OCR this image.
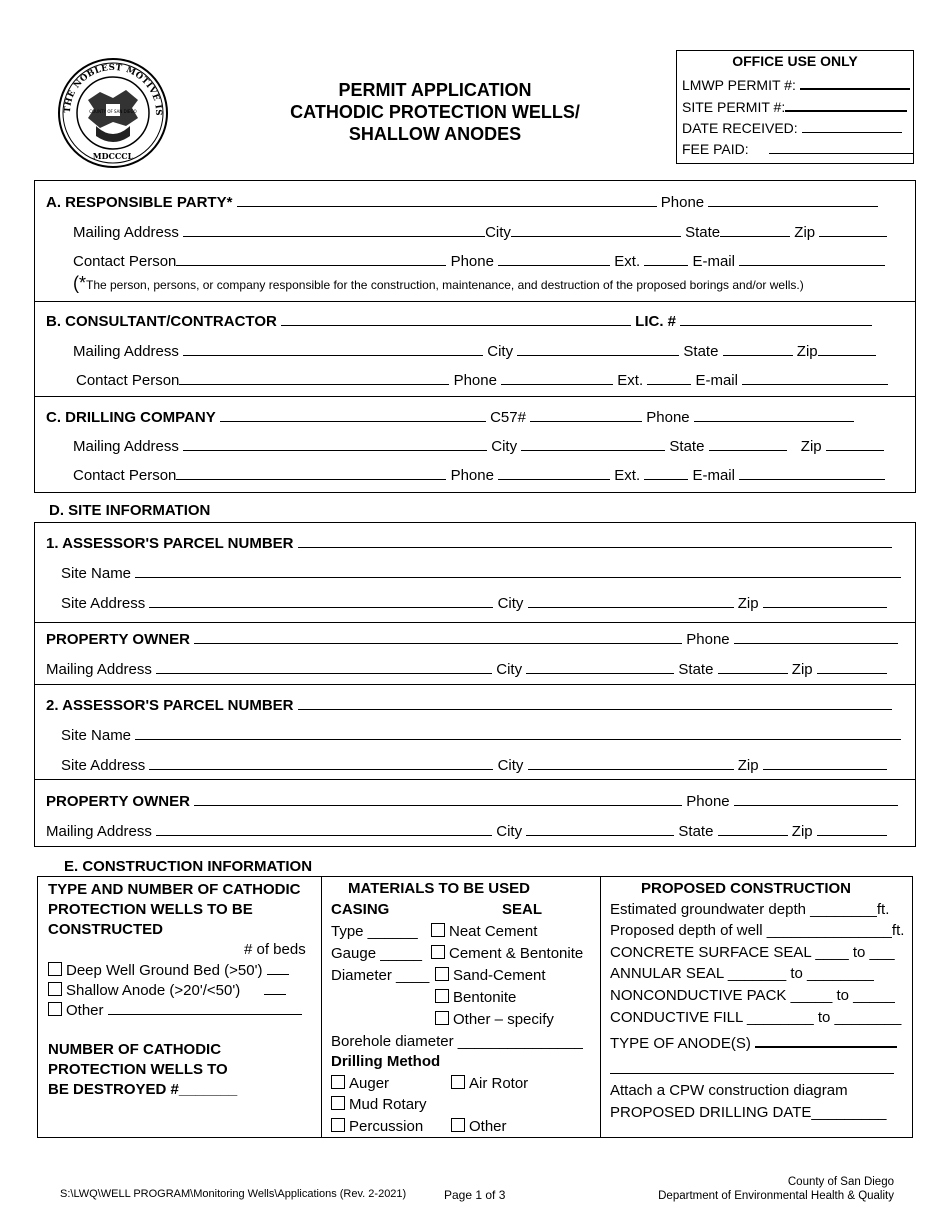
THE NOBLEST MOTIVE IS
MDCCCL
COUNTY OF SAN DIEGO
PERMIT APPLICATION
CATHODIC PROTECTION WELLS/
SHALLOW ANODES
OFFICE USE ONLY
LMWP PERMIT #:
SITE PERMIT #:
DATE RECEIVED:
FEE PAID:
A. RESPONSIBLE PARTY*	Phone
Mailing Address	City	State	Zip
Contact Person	Phone	Ext.	E-mail
(*The person, persons, or company responsible for the construction, maintenance, and destruction of the proposed borings and/or wells.)
B. CONSULTANT/CONTRACTOR	LIC. #
Mailing Address	City	State	Zip
Contact Person	Phone	Ext.	E-mail
C. DRILLING COMPANY	C57#	Phone
Mailing Address	City	State	Zip
Contact Person	Phone	Ext.	E-mail
D. SITE INFORMATION
1. ASSESSOR'S PARCEL NUMBER
Site Name
Site Address	City	Zip
PROPERTY OWNER	Phone
Mailing Address	City	State	Zip
2. ASSESSOR'S PARCEL NUMBER
Site Name
Site Address	City	Zip
PROPERTY OWNER	Phone
Mailing Address	City	State	Zip
E. CONSTRUCTION INFORMATION
TYPE AND NUMBER OF CATHODIC
PROTECTION WELLS TO BE
CONSTRUCTED
# of beds
Deep Well Ground Bed (>50')
Shallow Anode (>20'/<50')
Other
NUMBER OF CATHODIC
PROTECTION WELLS TO
BE DESTROYED #_______
MATERIALS TO BE USED
CASING	SEAL
Type ______
Gauge _____
Diameter ____
Neat Cement
Cement & Bentonite
Sand-Cement
Bentonite
Other – specify
Borehole diameter _______________
Drilling Method
Auger	Air Rotor
Mud Rotary
Percussion	Other
PROPOSED CONSTRUCTION
Estimated groundwater depth ________ft.
Proposed depth of well _______________ft.
CONCRETE SURFACE SEAL ____ to ___
ANNULAR SEAL _______ to ________
NONCONDUCTIVE PACK _____ to _____
CONDUCTIVE FILL ________ to ________
TYPE OF ANODE(S)
Attach a CPW construction diagram
PROPOSED DRILLING DATE_________
S:\LWQ\WELL PROGRAM\Monitoring Wells\Applications (Rev. 2-2021)	Page 1 of 3
County of San Diego
Department of Environmental Health & Quality
